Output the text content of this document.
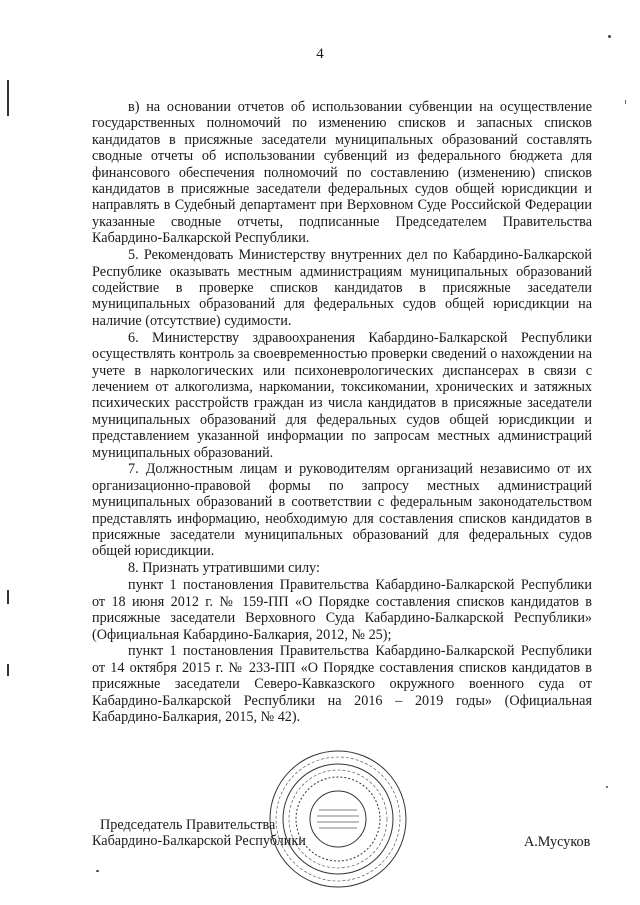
4

в) на основании отчетов об использовании субвенции на осуществление государственных полномочий по изменению списков и запасных списков кандидатов в присяжные заседатели муниципальных образований составлять сводные отчеты об использовании субвенций из федерального бюджета для финансового обеспечения полномочий по составлению (изменению) списков кандидатов в присяжные заседатели федеральных судов общей юрисдикции и направлять в Судебный департамент при Верховном Суде Российской Федерации указанные сводные отчеты, подписанные Председателем Правительства Кабардино-Балкарской Республики.

5. Рекомендовать Министерству внутренних дел по Кабардино-Балкарской Республике оказывать местным администрациям муниципальных образований содействие в проверке списков кандидатов в присяжные заседатели муниципальных образований для федеральных судов общей юрисдикции на наличие (отсутствие) судимости.

6. Министерству здравоохранения Кабардино-Балкарской Республики осуществлять контроль за своевременностью проверки сведений о нахождении на учете в наркологических или психоневрологических диспансерах в связи с лечением от алкоголизма, наркомании, токсикомании, хронических и затяжных психических расстройств граждан из числа кандидатов в присяжные заседатели муниципальных образований для федеральных судов общей юрисдикции и представлением указанной информации по запросам местных администраций муниципальных образований.

7. Должностным лицам и руководителям организаций независимо от их организационно-правовой формы по запросу местных администраций муниципальных образований в соответствии с федеральным законодательством представлять информацию, необходимую для составления списков кандидатов в присяжные заседатели муниципальных образований для федеральных судов общей юрисдикции.

8. Признать утратившими силу:

пункт 1 постановления Правительства Кабардино-Балкарской Республики от 18 июня 2012 г. № 159-ПП «О Порядке составления списков кандидатов в присяжные заседатели Верховного Суда Кабардино-Балкарской Республики» (Официальная Кабардино-Балкария, 2012, № 25);

пункт 1 постановления Правительства Кабардино-Балкарской Республики от 14 октября 2015 г. № 233-ПП «О Порядке составления списков кандидатов в присяжные заседатели Северо-Кавказского окружного военного суда от Кабардино-Балкарской Республики на 2016 – 2019 годы» (Официальная Кабардино-Балкария, 2015, № 42).

Председатель Правительства
Кабардино-Балкарской Республики	А.Мусуков
